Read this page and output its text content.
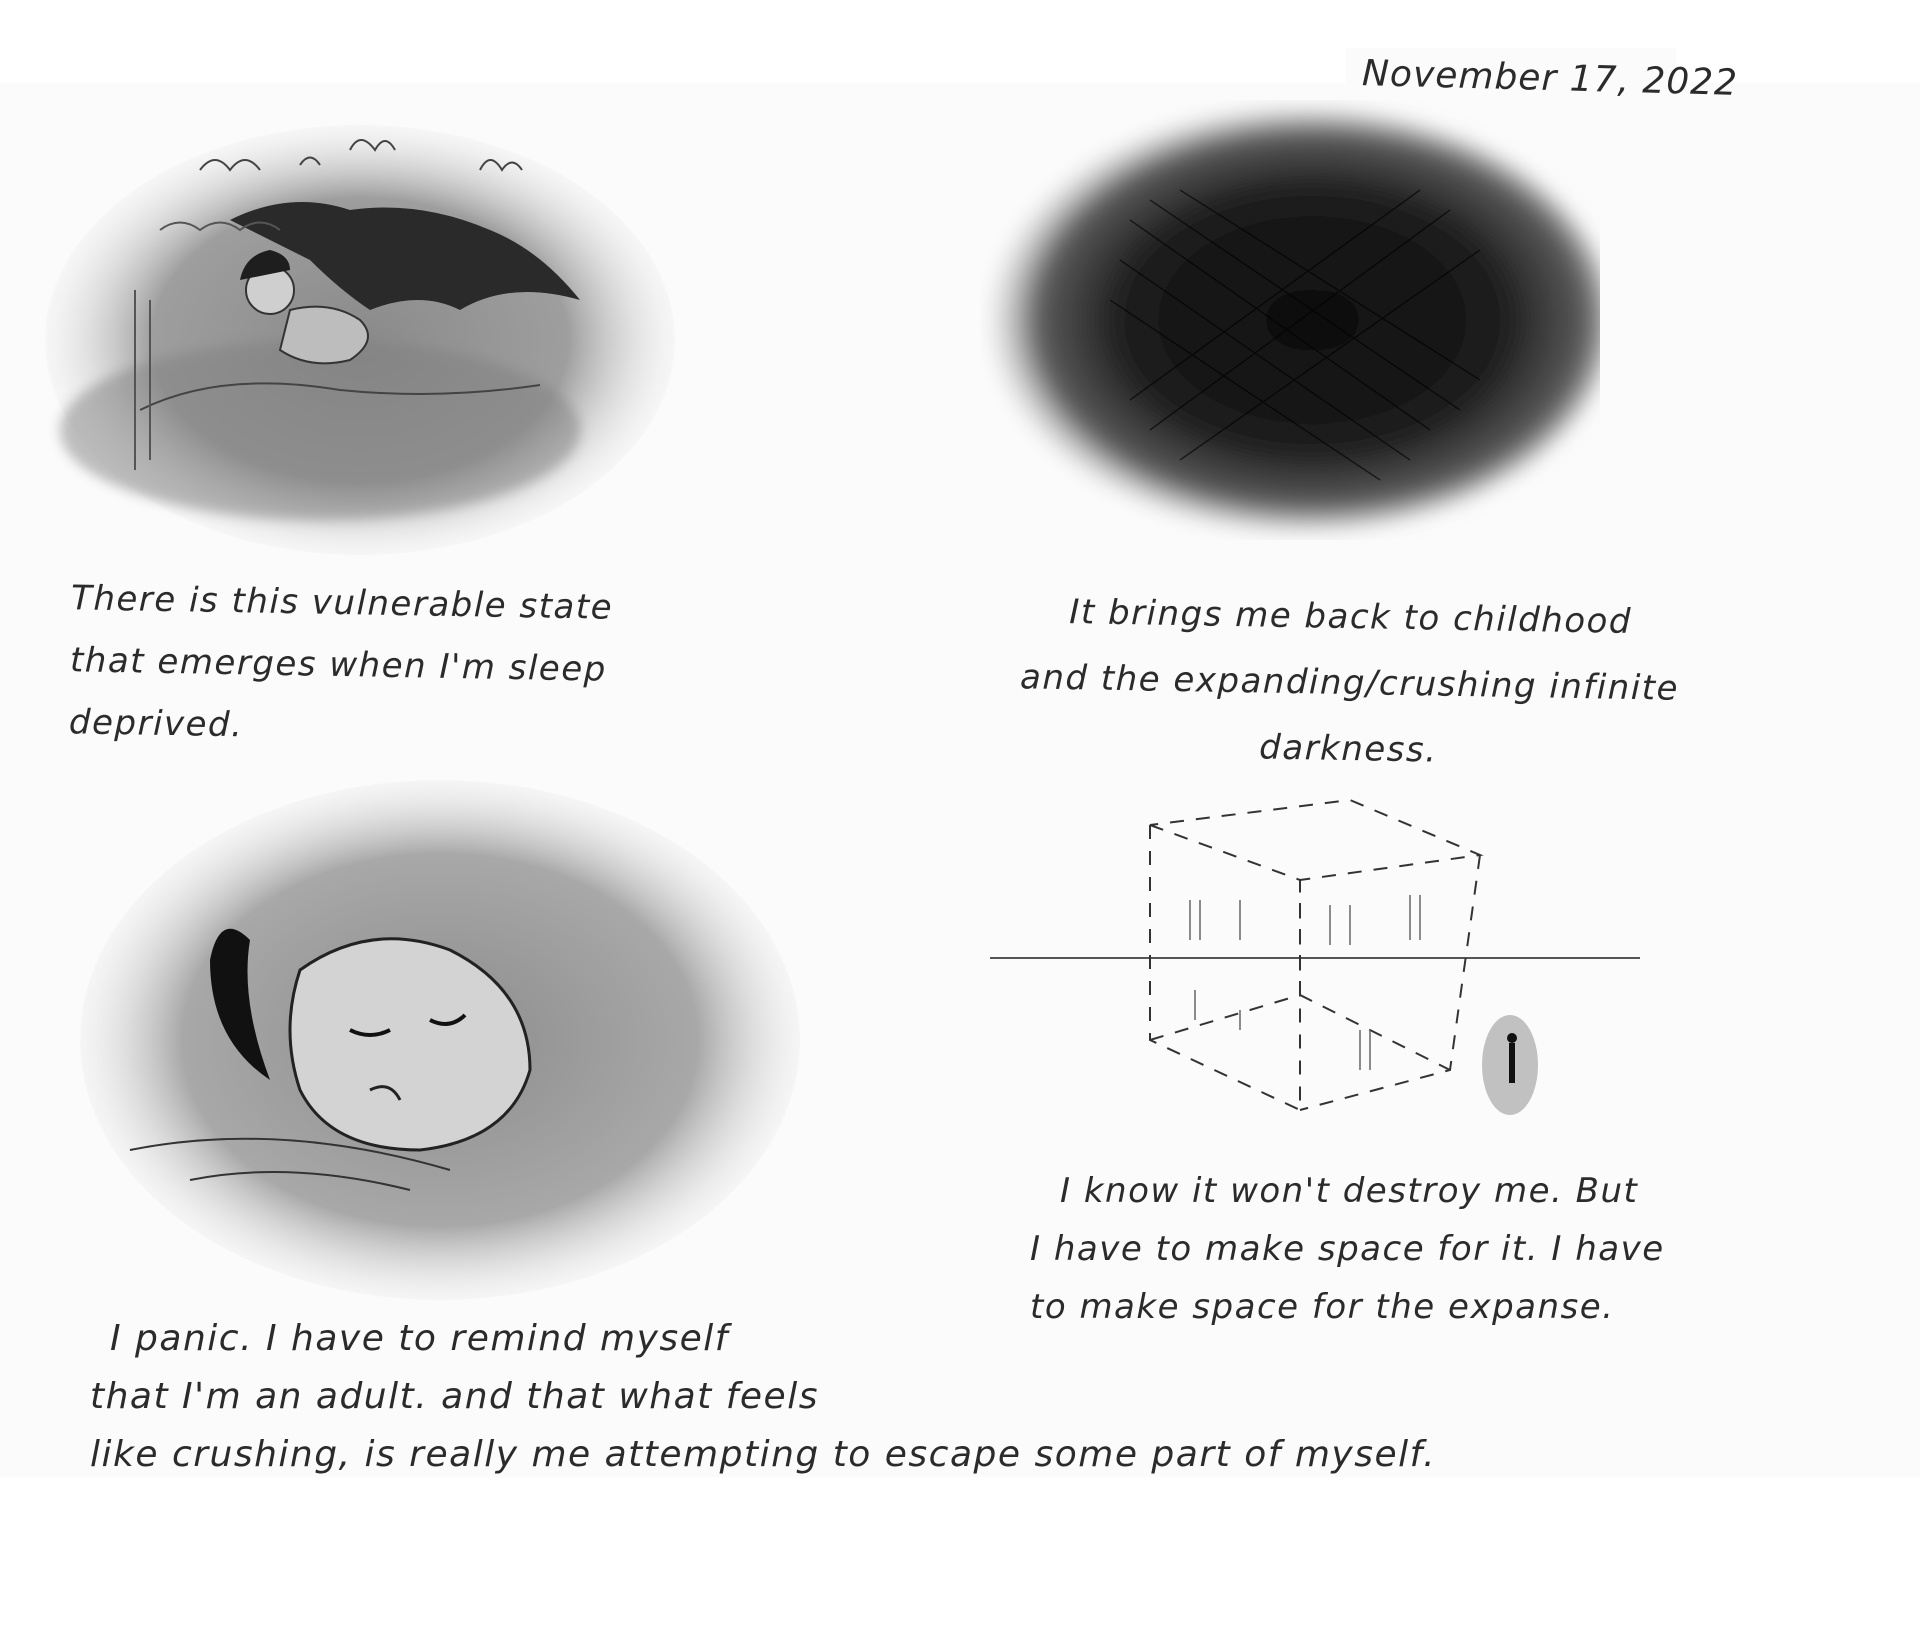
November 17, 2022
There is this vulnerable state
that emerges when I'm sleep
deprived.
It brings me back to childhood
and the expanding/crushing infinite
darkness.
I panic. I have to remind myself
that I'm an adult. and that what feels
like crushing, is really me attempting to escape some part of myself.
I know it won't destroy me. But
I have to make space for it. I have
to make space for the expanse.
